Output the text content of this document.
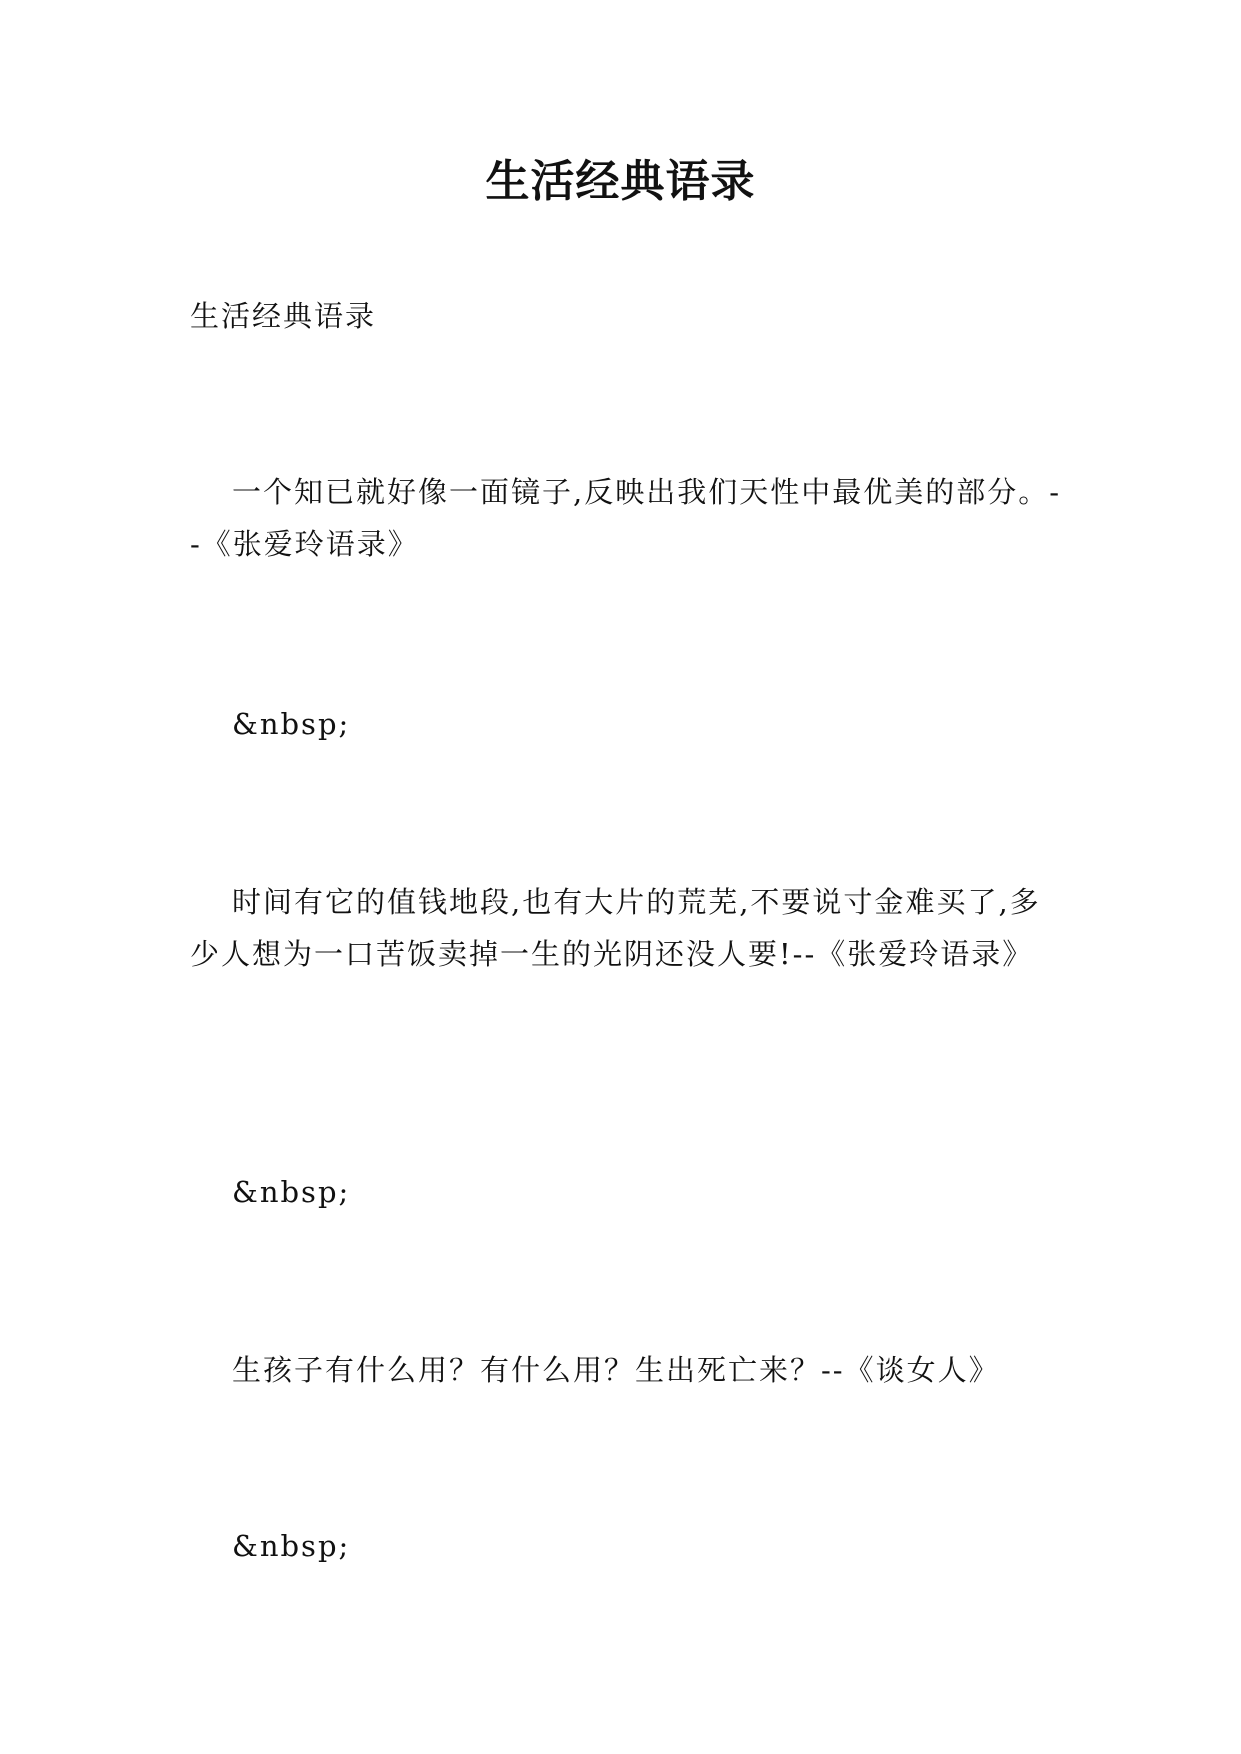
生活经典语录
生活经典语录
一个知已就好像一面镜子,反映出我们天性中最优美的部分。--《张爱玲语录》
&nbsp;
时间有它的值钱地段,也有大片的荒芜,不要说寸金难买了,多少人想为一口苦饭卖掉一生的光阴还没人要!--《张爱玲语录》
&nbsp;
生孩子有什么用？有什么用？生出死亡来？--《谈女人》
&nbsp;
